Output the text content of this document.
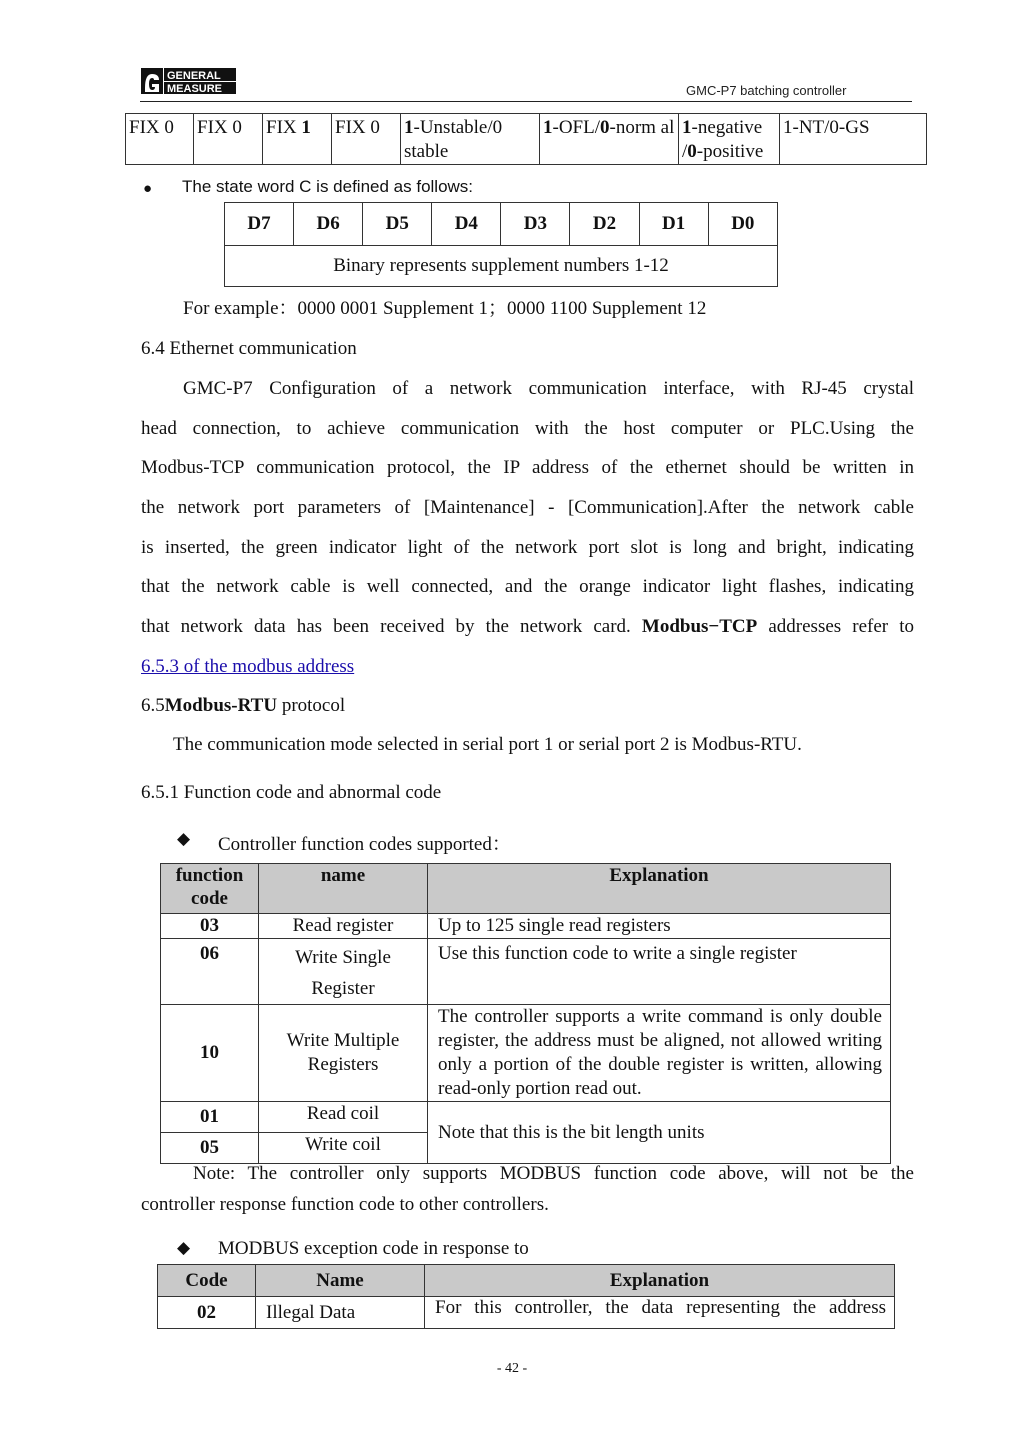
GENERAL
MEASURE	GMC-P7 batching controller
FIX 0	FIX 0	FIX 1	FIX 0	1-Unstable/0 stable	1-OFL/0-norm al	1-negative /0-positive	1-NT/0-GS
● The state word C is defined as follows:
D7	D6	D5	D4	D3	D2	D1	D0
Binary represents supplement numbers 1-12
For example：0000 0001 Supplement 1；0000 1100 Supplement 12
6.4 Ethernet communication
GMC-P7 Configuration of a network communication interface, with RJ-45 crystal
head connection, to achieve communication with the host computer or PLC.Using the
Modbus-TCP communication protocol, the IP address of the ethernet should be written in
the network port parameters of [Maintenance] - [Communication].After the network cable
is inserted, the green indicator light of the network port slot is long and bright, indicating
that the network cable is well connected, and the orange indicator light flashes, indicating
that network data has been received by the network card. Modbus−TCP addresses refer to
6.5.3 of the modbus address
6.5Modbus-RTU protocol
The communication mode selected in serial port 1 or serial port 2 is Modbus-RTU.
6.5.1 Function code and abnormal code
◆ Controller function codes supported：
function code	name	Explanation
03	Read register	Up to 125 single read registers
06	Write Single Register	Use this function code to write a single register
10	Write Multiple Registers	The controller supports a write command is only double register, the address must be aligned, not allowed writing only a portion of the double register is written, allowing read-only portion read out.
01	Read coil	Note that this is the bit length units
05	Write coil	
Note: The controller only supports MODBUS function code above, will not be the
controller response function code to other controllers.
◆ MODBUS exception code in response to
Code	Name	Explanation
02	Illegal Data	For this controller, the data representing the address
- 42 -
